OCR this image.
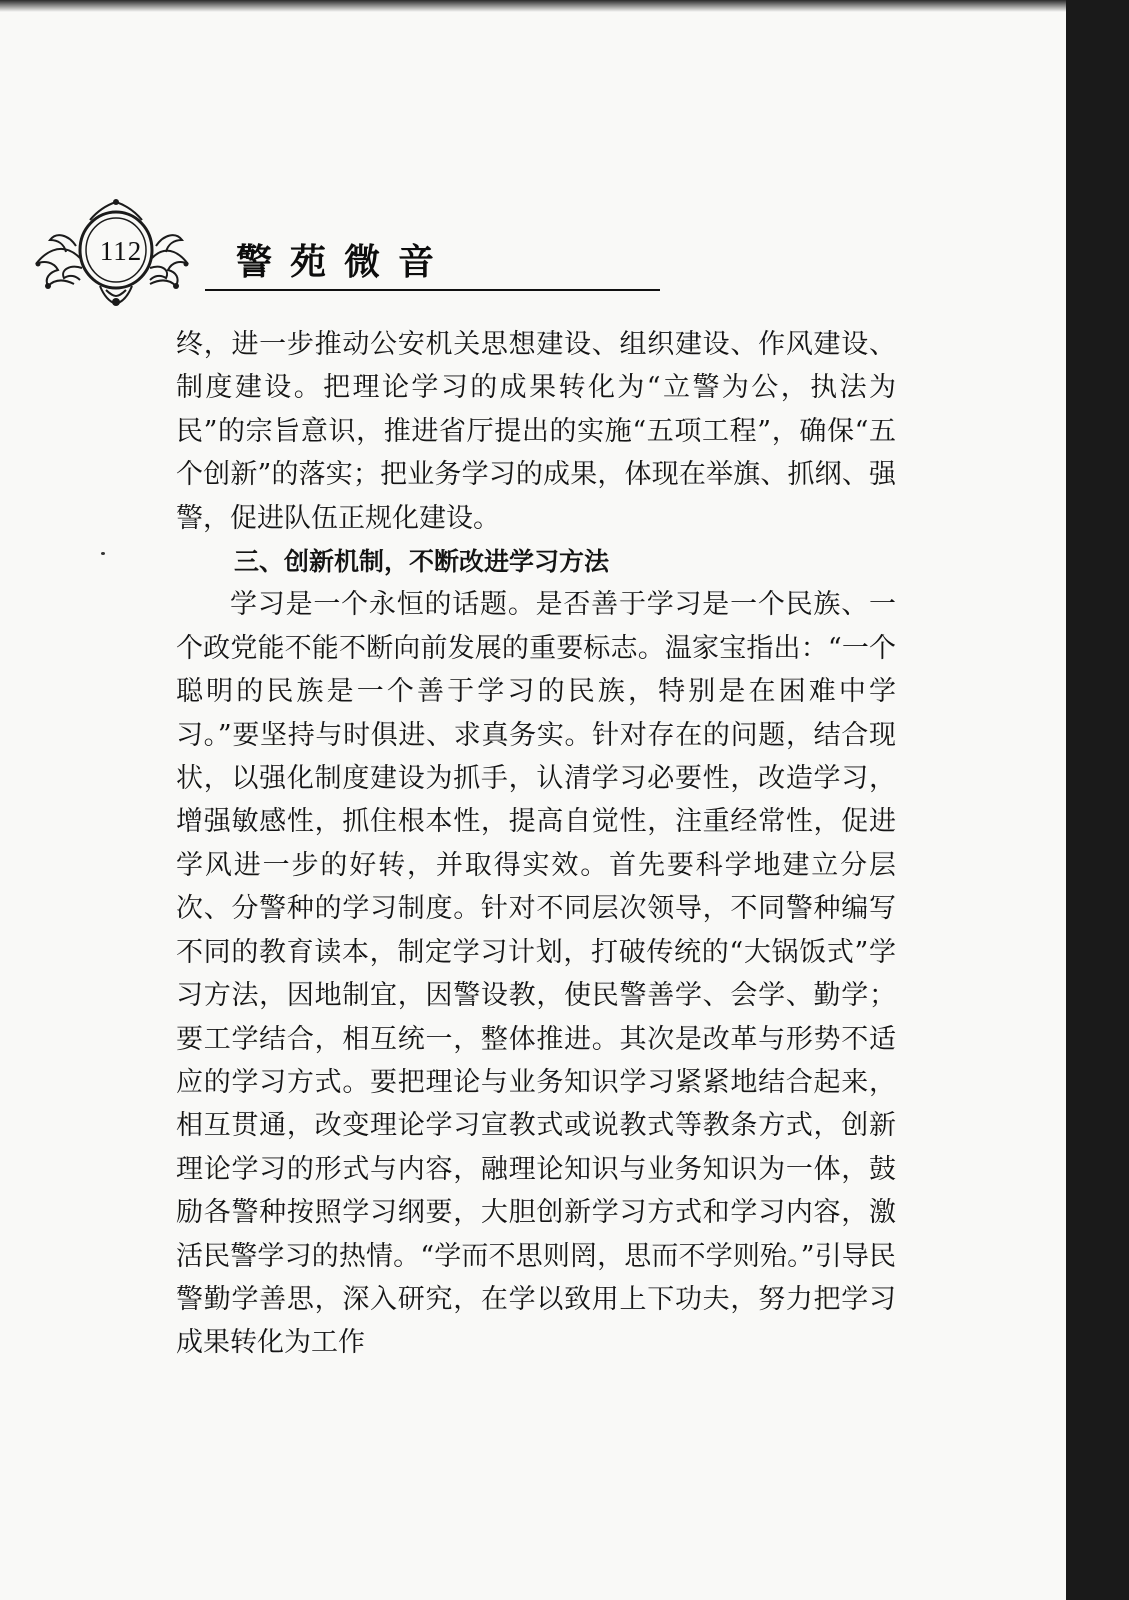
112	警苑微音

终，进一步推动公安机关思想建设、组织建设、作风建设、制度建设。把理论学习的成果转化为“立警为公，执法为民”的宗旨意识，推进省厅提出的实施“五项工程”，确保“五个创新”的落实；把业务学习的成果，体现在举旗、抓纲、强警，促进队伍正规化建设。

三、创新机制，不断改进学习方法

学习是一个永恒的话题。是否善于学习是一个民族、一个政党能不能不断向前发展的重要标志。温家宝指出：“一个聪明的民族是一个善于学习的民族，特别是在困难中学习。”要坚持与时俱进、求真务实。针对存在的问题，结合现状，以强化制度建设为抓手，认清学习必要性，改造学习，增强敏感性，抓住根本性，提高自觉性，注重经常性，促进学风进一步的好转，并取得实效。首先要科学地建立分层次、分警种的学习制度。针对不同层次领导，不同警种编写不同的教育读本，制定学习计划，打破传统的“大锅饭式”学习方法，因地制宜，因警设教，使民警善学、会学、勤学；要工学结合，相互统一，整体推进。其次是改革与形势不适应的学习方式。要把理论与业务知识学习紧紧地结合起来，相互贯通，改变理论学习宣教式或说教式等教条方式，创新理论学习的形式与内容，融理论知识与业务知识为一体，鼓励各警种按照学习纲要，大胆创新学习方式和学习内容，激活民警学习的热情。“学而不思则罔，思而不学则殆。”引导民警勤学善思，深入研究，在学以致用上下功夫，努力把学习成果转化为工作
